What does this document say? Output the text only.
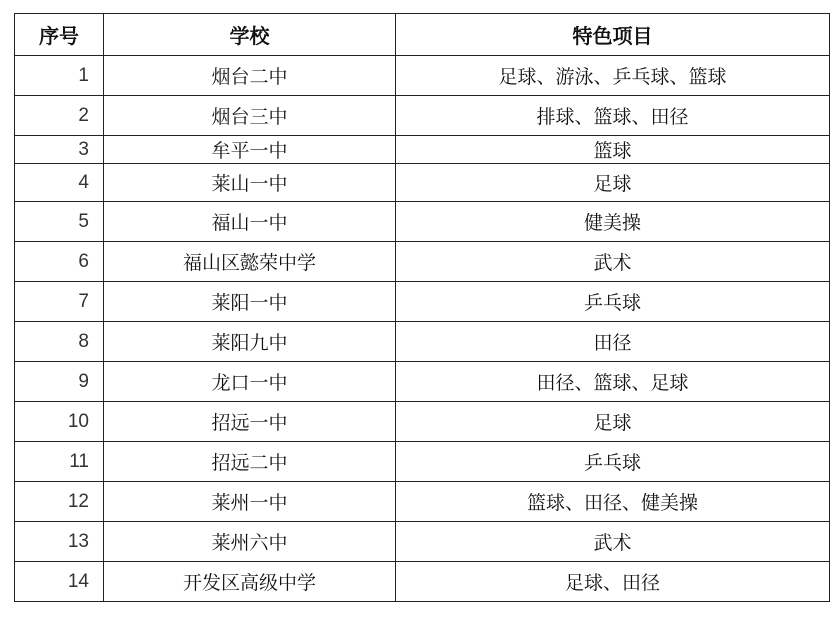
序号	学校	特色项目
1	烟台二中	足球、游泳、乒乓球、篮球
2	烟台三中	排球、篮球、田径
3	牟平一中	篮球
4	莱山一中	足球
5	福山一中	健美操
6	福山区懿荣中学	武术
7	莱阳一中	乒乓球
8	莱阳九中	田径
9	龙口一中	田径、篮球、足球
10	招远一中	足球
11	招远二中	乒乓球
12	莱州一中	篮球、田径、健美操
13	莱州六中	武术
14	开发区高级中学	足球、田径
